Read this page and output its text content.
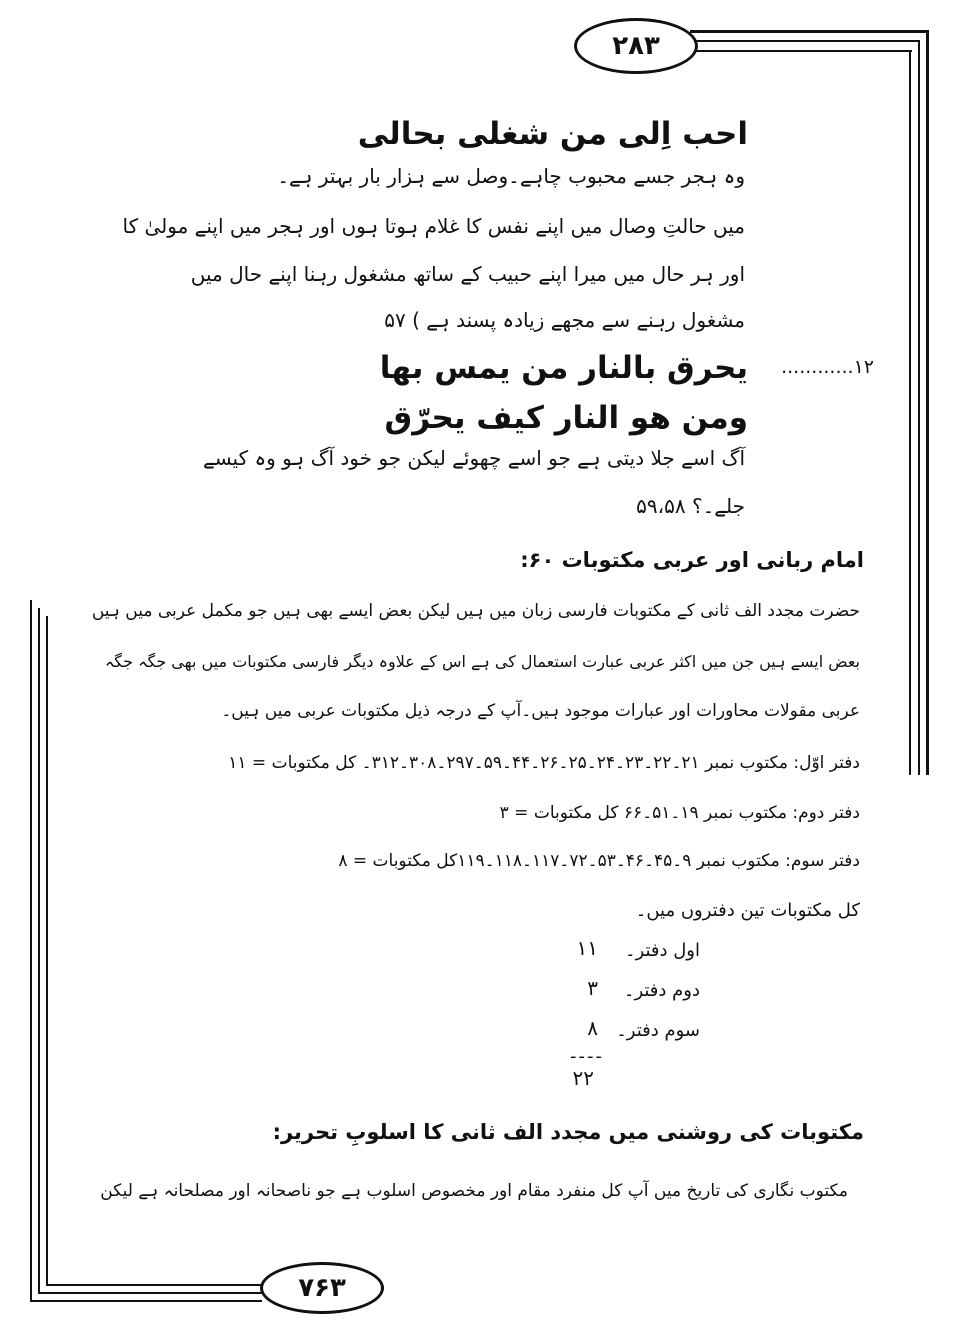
۲۸۳
۷۶۳
احب اِلی من شغلی بحالی
وہ ہجر جسے محبوب چاہے۔وصل سے ہزار بار بہتر ہے۔
میں حالتِ وصال میں اپنے نفس کا غلام ہوتا ہوں اور ہجر میں اپنے مولیٰ کا
اور ہر حال میں میرا اپنے حبیب کے ساتھ مشغول رہنا اپنے حال میں
مشغول رہنے سے مجھے زیادہ پسند ہے ) ۵۷
۱۲............
یحرق بالنار من یمس بھا
ومن ھو النار کیف یحرّق
آگ اسے جلا دیتی ہے جو اسے چھوئے لیکن جو خود آگ ہو وہ کیسے
جلے۔؟ ۵۹،۵۸
امام ربانی اور عربی مکتوبات ۶۰:
حضرت مجدد الف ثانی کے مکتوبات فارسی زبان میں ہیں لیکن بعض ایسے بھی ہیں جو مکمل عربی میں ہیں
بعض ایسے ہیں جن میں اکثر عربی عبارت استعمال کی ہے اس کے علاوہ دیگر فارسی مکتوبات میں بھی جگہ جگہ
عربی مقولات محاورات اور عبارات موجود ہیں۔آپ کے درجہ ذیل مکتوبات عربی میں ہیں۔
دفتر اوّل: مکتوب نمبر ۲۱۔۲۲۔۲۳۔۲۴۔۲۵۔۲۶۔۴۴۔۵۹۔۲۹۷۔۳۰۸۔۳۱۲۔ کل مکتوبات = ۱۱
دفتر دوم: مکتوب نمبر ۱۹۔۵۱۔۶۶ کل مکتوبات = ۳
دفتر سوم: مکتوب نمبر ۹۔۴۵۔۴۶۔۵۳۔۷۲۔۱۱۷۔۱۱۸۔۱۱۹کل مکتوبات = ۸
کل مکتوبات تین دفتروں میں۔
اول دفتر۔
۱۱
دوم دفتر۔
۳
سوم دفتر۔
۸
----
۲۲
مکتوبات کی روشنی میں مجدد الف ثانی کا اسلوبِ تحریر:
مکتوب نگاری کی تاریخ میں آپ کل منفرد مقام اور مخصوص اسلوب ہے جو ناصحانہ اور مصلحانہ ہے لیکن
